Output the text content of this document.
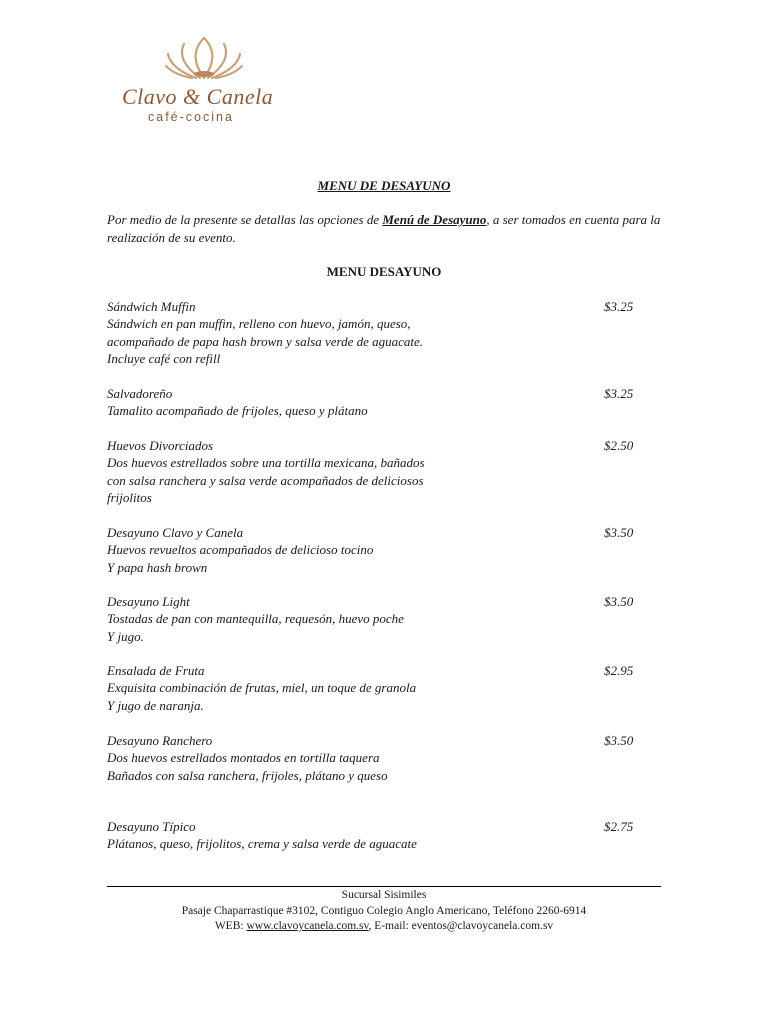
Clavo & Canela
café-cocina
MENU DE DESAYUNO
Por medio de la presente se detallas las opciones de Menú de Desayuno, a ser tomados en cuenta para la realización de su evento.
MENU DESAYUNO
Sándwich Muffin
Sándwich en pan muffin, relleno con huevo, jamón, queso,
acompañado de papa hash brown y salsa verde de aguacate.
Incluye café con refill
$3.25
Salvadoreño
Tamalito acompañado de frijoles, queso y plátano
$3.25
Huevos Divorciados
Dos huevos estrellados sobre una tortilla mexicana, bañados
con salsa ranchera y salsa verde acompañados de deliciosos
frijolitos
$2.50
Desayuno Clavo y Canela
Huevos revueltos acompañados de delicioso tocino
Y papa hash brown
$3.50
Desayuno Light
Tostadas de pan con mantequilla, requesón, huevo poche
Y jugo.
$3.50
Ensalada de Fruta
Exquisita combinación de frutas, miel, un toque de granola
Y jugo de naranja.
$2.95
Desayuno Ranchero
Dos huevos estrellados montados en tortilla taquera
Bañados con salsa ranchera, frijoles, plátano y queso
$3.50
Desayuno Típico
Plátanos, queso, frijolitos, crema y salsa verde de aguacate
$2.75
Sucursal Sisimiles
Pasaje Chaparrastique #3102, Contiguo Colegio Anglo Americano, Teléfono 2260-6914
WEB: www.clavoycanela.com.sv, E-mail: eventos@clavoycanela.com.sv
